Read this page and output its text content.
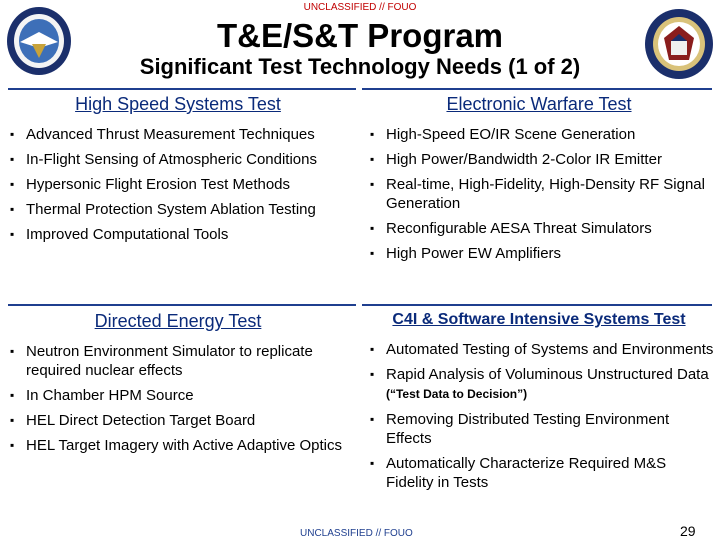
UNCLASSIFIED // FOUO
T&E/S&T Program
Significant Test Technology Needs (1 of 2)
High Speed Systems Test
▪ Advanced Thrust Measurement Techniques
▪ In-Flight Sensing of Atmospheric Conditions
▪ Hypersonic Flight Erosion Test Methods
▪ Thermal Protection System Ablation Testing
▪ Improved Computational Tools
Electronic Warfare Test
▪ High-Speed EO/IR Scene Generation
▪ High Power/Bandwidth 2-Color IR Emitter
▪ Real-time, High-Fidelity, High-Density RF Signal Generation
▪ Reconfigurable AESA Threat Simulators
▪ High Power EW Amplifiers
Directed Energy Test
▪ Neutron Environment Simulator to replicate required nuclear effects
▪ In Chamber HPM Source
▪ HEL Direct Detection Target Board
▪ HEL Target Imagery with Active Adaptive Optics
C4I & Software Intensive Systems Test
▪ Automated Testing of Systems and Environments
▪ Rapid Analysis of Voluminous Unstructured Data (“Test Data to Decision”)
▪ Removing Distributed Testing Environment Effects
▪ Automatically Characterize Required M&S Fidelity in Tests
UNCLASSIFIED // FOUO	29
